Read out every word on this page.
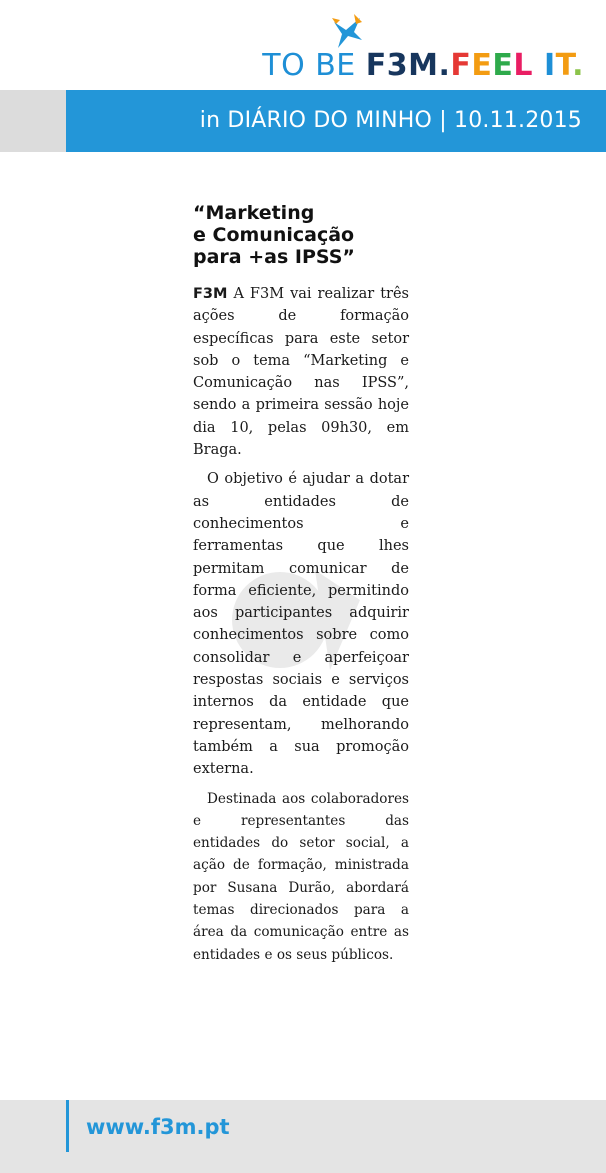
TO BE F3M.FEEL IT.
in DIÁRIO DO MINHO | 10.11.2015
“Marketing
e Comunicação
para +as IPSS”

F3M A F3M vai realizar três ações de formação específicas para este setor sob o tema “Marketing e Comunicação nas IPSS”, sendo a primeira sessão hoje dia 10, pelas 09h30, em Braga.

O objetivo é ajudar a dotar as entidades de conhecimentos e ferramentas que lhes permitam comunicar de forma eficiente, permitindo aos participantes adquirir conhecimentos sobre como consolidar e aperfeiçoar respostas sociais e serviços internos da entidade que representam, melhorando também a sua promoção externa.

Destinada aos colaboradores e representantes das entidades do setor social, a ação de formação, ministrada por Susana Durão, abordará temas direcionados para a área da comunicação entre as entidades e os seus públicos.

www.f3m.pt
